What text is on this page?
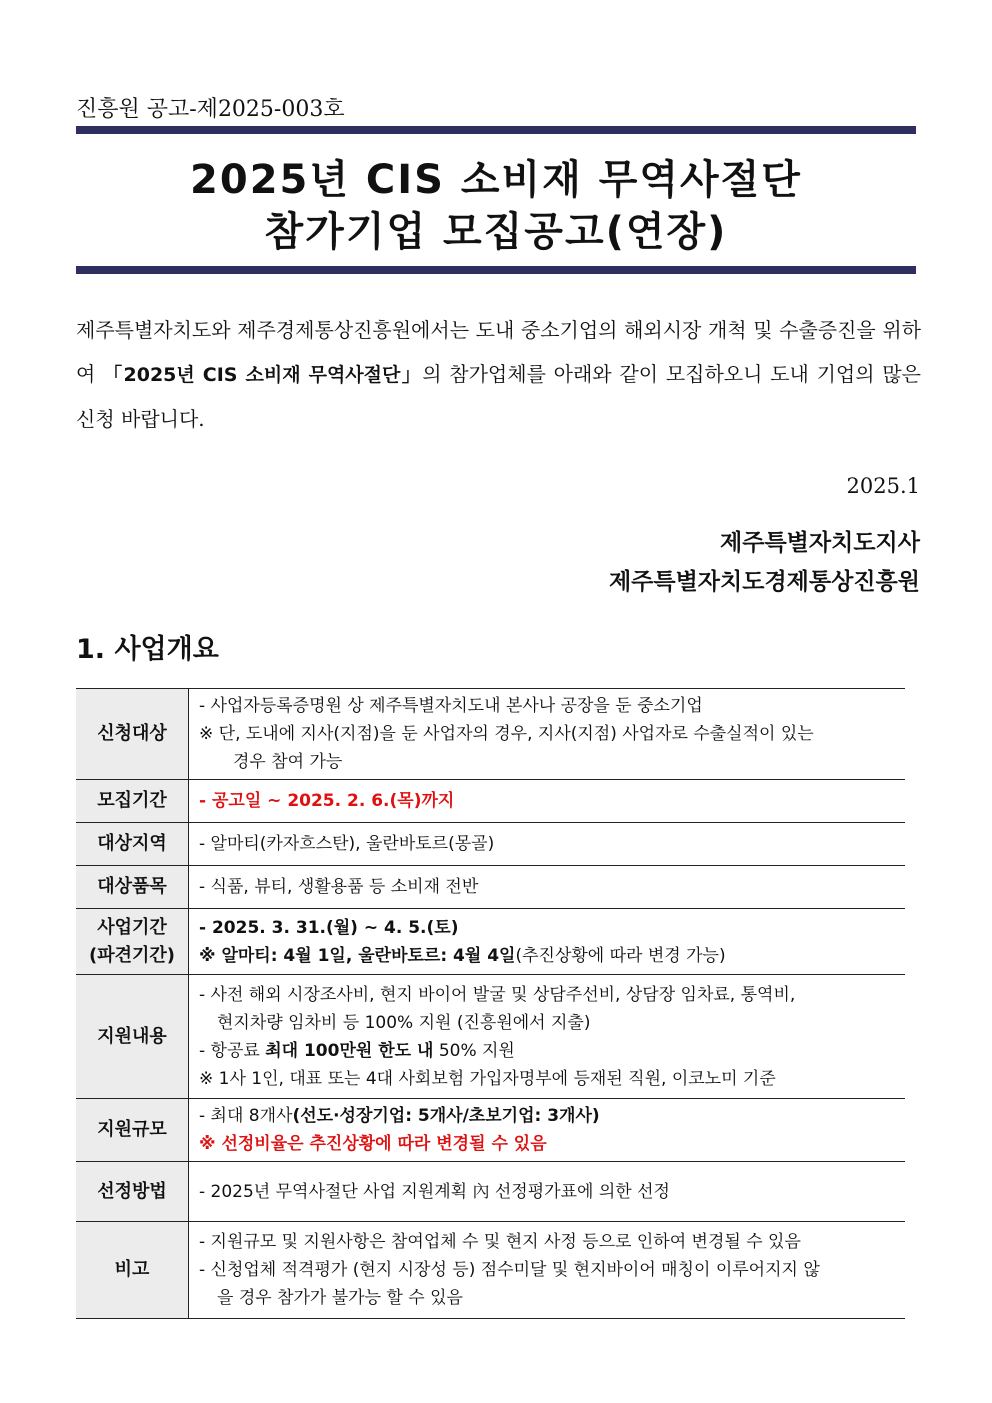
진흥원 공고-제2025-003호
2025년 CIS 소비재 무역사절단
참가기업 모집공고(연장)
제주특별자치도와 제주경제통상진흥원에서는 도내 중소기업의 해외시장 개척 및 수출증진을 위하여 「2025년 CIS 소비재 무역사절단」의 참가업체를 아래와 같이 모집하오니 도내 기업의 많은 신청 바랍니다.
2025.1
제주특별자치도지사
제주특별자치도경제통상진흥원
1. 사업개요
신청대상	- 사업자등록증명원 상 제주특별자치도내 본사나 공장을 둔 중소기업
※ 단, 도내에 지사(지점)을 둔 사업자의 경우, 지사(지점) 사업자로 수출실적이 있는
경우 참여 가능

모집기간	- 공고일 ~ 2025. 2. 6.(목)까지

대상지역	- 알마티(카자흐스탄), 울란바토르(몽골)

대상품목	- 식품, 뷰티, 생활용품 등 소비재 전반

사업기간
(파견기간)	- 2025. 3. 31.(월) ~ 4. 5.(토)
※ 알마티: 4월 1일, 울란바토르: 4월 4일(추진상황에 따라 변경 가능)

지원내용	- 사전 해외 시장조사비, 현지 바이어 발굴 및 상담주선비, 상담장 임차료, 통역비,
현지차량 임차비 등 100% 지원 (진흥원에서 지출)
- 항공료 최대 100만원 한도 내 50% 지원
※ 1사 1인, 대표 또는 4대 사회보험 가입자명부에 등재된 직원, 이코노미 기준

지원규모	- 최대 8개사(선도·성장기업: 5개사/초보기업: 3개사)
※ 선정비율은 추진상황에 따라 변경될 수 있음

선정방법	- 2025년 무역사절단 사업 지원계획 內 선정평가표에 의한 선정

비고	- 지원규모 및 지원사항은 참여업체 수 및 현지 사정 등으로 인하여 변경될 수 있음
- 신청업체 적격평가 (현지 시장성 등) 점수미달 및 현지바이어 매칭이 이루어지지 않
을 경우 참가가 불가능 할 수 있음
